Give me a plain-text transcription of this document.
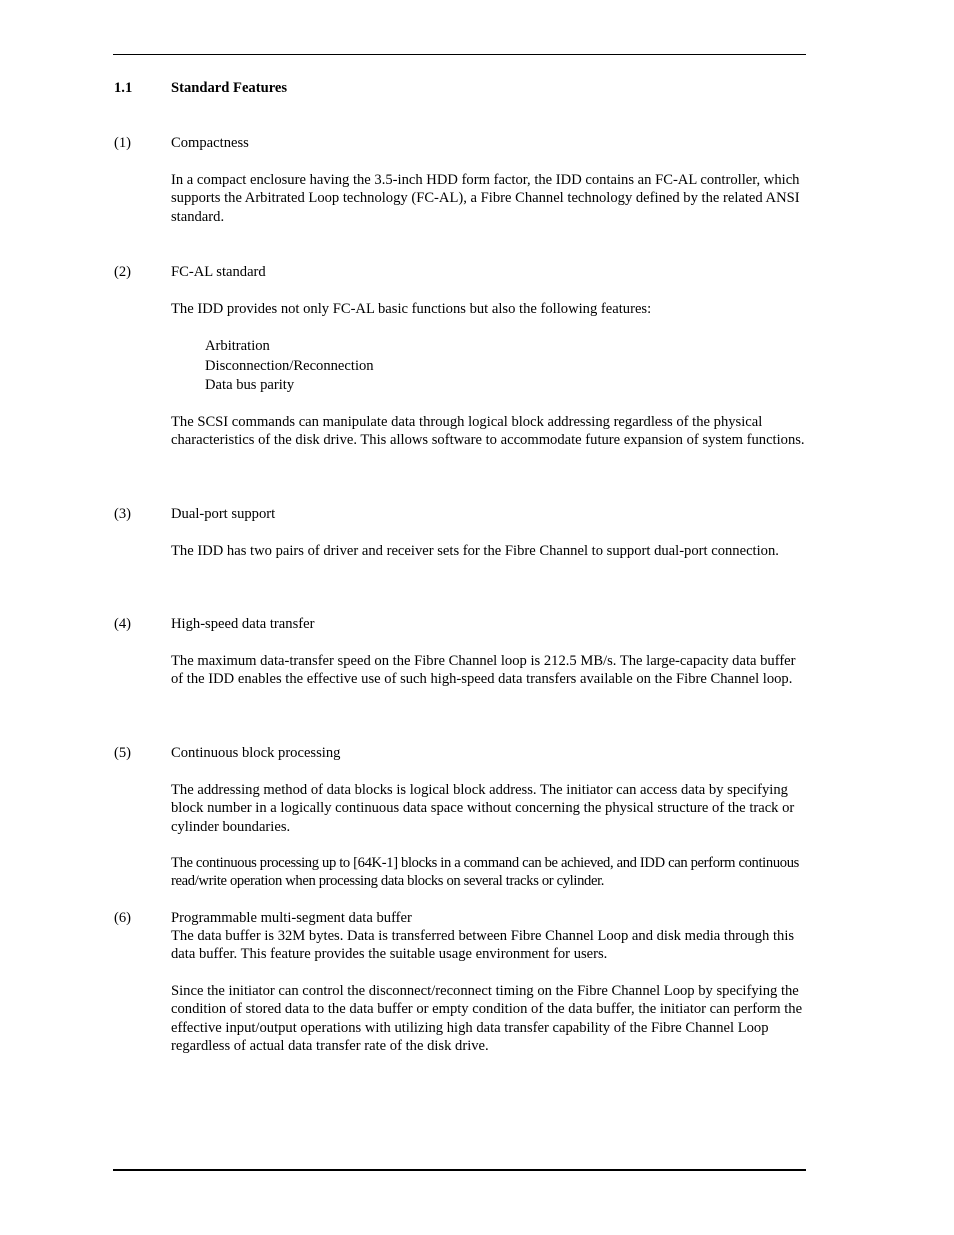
1.1	Standard Features
(1)	Compactness
In a compact enclosure having the 3.5-inch HDD form factor, the IDD contains an FC-AL controller, which supports the Arbitrated Loop technology (FC-AL), a Fibre Channel technology defined by the related ANSI standard.
(2)	FC-AL standard
The IDD provides not only FC-AL basic functions but also the following features:
Arbitration
Disconnection/Reconnection
Data bus parity
The SCSI commands can manipulate data through logical block addressing regardless of the physical characteristics of the disk drive. This allows software to accommodate future expansion of system functions.
(3)	Dual-port support
The IDD has two pairs of driver and receiver sets for the Fibre Channel to support dual-port connection.
(4)	High-speed data transfer
The maximum data-transfer speed on the Fibre Channel loop is 212.5 MB/s. The large-capacity data buffer of the IDD enables the effective use of such high-speed data transfers available on the Fibre Channel loop.
(5)	Continuous block processing
The addressing method of data blocks is logical block address. The initiator can access data by specifying block number in a logically continuous data space without concerning the physical structure of the track or cylinder boundaries.
The continuous processing up to [64K-1] blocks in a command can be achieved, and IDD can perform continuous read/write operation when processing data blocks on several tracks or cylinder.
(6)	Programmable multi-segment data buffer
The data buffer is 32M bytes. Data is transferred between Fibre Channel Loop and disk media through this data buffer. This feature provides the suitable usage environment for users.
Since the initiator can control the disconnect/reconnect timing on the Fibre Channel Loop by specifying the condition of stored data to the data buffer or empty condition of the data buffer, the initiator can perform the effective input/output operations with utilizing high data transfer capability of the Fibre Channel Loop regardless of actual data transfer rate of the disk drive.
